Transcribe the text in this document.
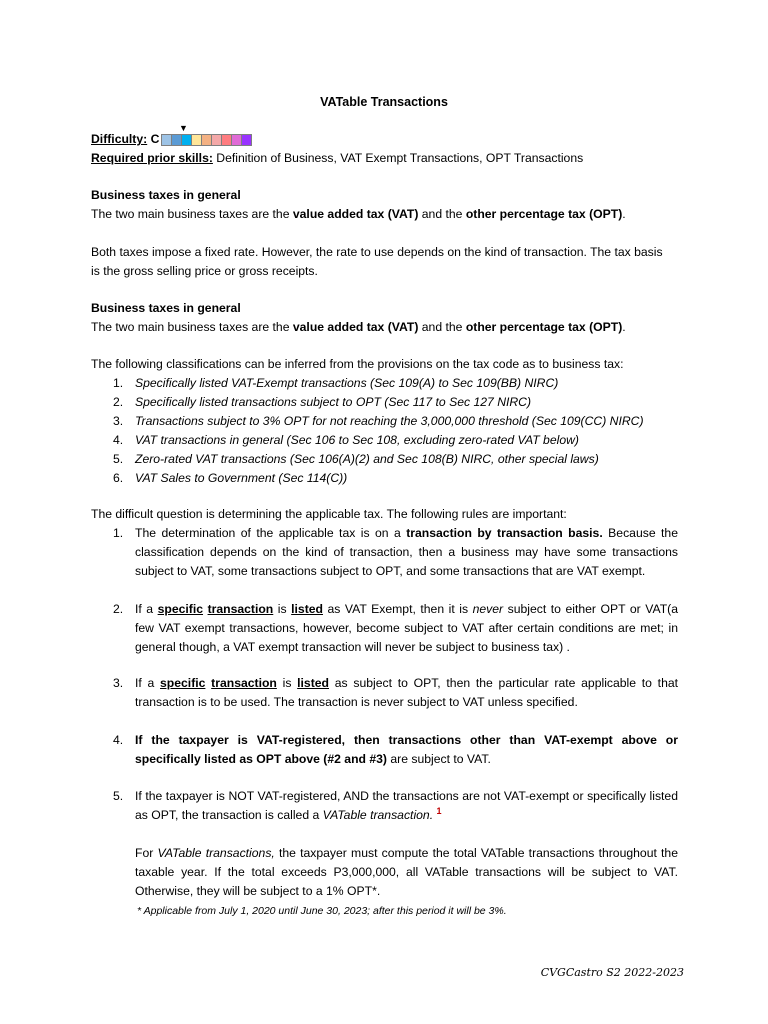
VATable Transactions
▼
Difficulty: C
Required prior skills: Definition of Business, VAT Exempt Transactions, OPT Transactions
Business taxes in general
The two main business taxes are the value added tax (VAT) and the other percentage tax (OPT).
Both taxes impose a fixed rate. However, the rate to use depends on the kind of transaction. The tax basis
is the gross selling price or gross receipts.
Business taxes in general
The two main business taxes are the value added tax (VAT) and the other percentage tax (OPT).
The following classifications can be inferred from the provisions on the tax code as to business tax:
1. Specifically listed VAT-Exempt transactions (Sec 109(A) to Sec 109(BB) NIRC)
2. Specifically listed transactions subject to OPT (Sec 117 to Sec 127 NIRC)
3. Transactions subject to 3% OPT for not reaching the 3,000,000 threshold (Sec 109(CC) NIRC)
4. VAT transactions in general (Sec 106 to Sec 108, excluding zero-rated VAT below)
5. Zero-rated VAT transactions (Sec 106(A)(2) and Sec 108(B) NIRC, other special laws)
6. VAT Sales to Government (Sec 114(C))
The difficult question is determining the applicable tax. The following rules are important:
1. The determination of the applicable tax is on a transaction by transaction basis. Because the classification depends on the kind of transaction, then a business may have some transactions subject to VAT, some transactions subject to OPT, and some transactions that are VAT exempt.
2. If a specific transaction is listed as VAT Exempt, then it is never subject to either OPT or VAT(a few VAT exempt transactions, however, become subject to VAT after certain conditions are met; in general though, a VAT exempt transaction will never be subject to business tax) .
3. If a specific transaction is listed as subject to OPT, then the particular rate applicable to that transaction is to be used. The transaction is never subject to VAT unless specified.
4. If the taxpayer is VAT-registered, then transactions other than VAT-exempt above or specifically listed as OPT above (#2 and #3) are subject to VAT.
5. If the taxpayer is NOT VAT-registered, AND the transactions are not VAT-exempt or specifically listed as OPT, the transaction is called a VATable transaction. $^1$
For VATable transactions, the taxpayer must compute the total VATable transactions throughout the taxable year. If the total exceeds P3,000,000, all VATable transactions will be subject to VAT. Otherwise, they will be subject to a 1% OPT*.
* Applicable from July 1, 2020 until June 30, 2023; after this period it will be 3%.
CVGCastro S2 2022-2023
